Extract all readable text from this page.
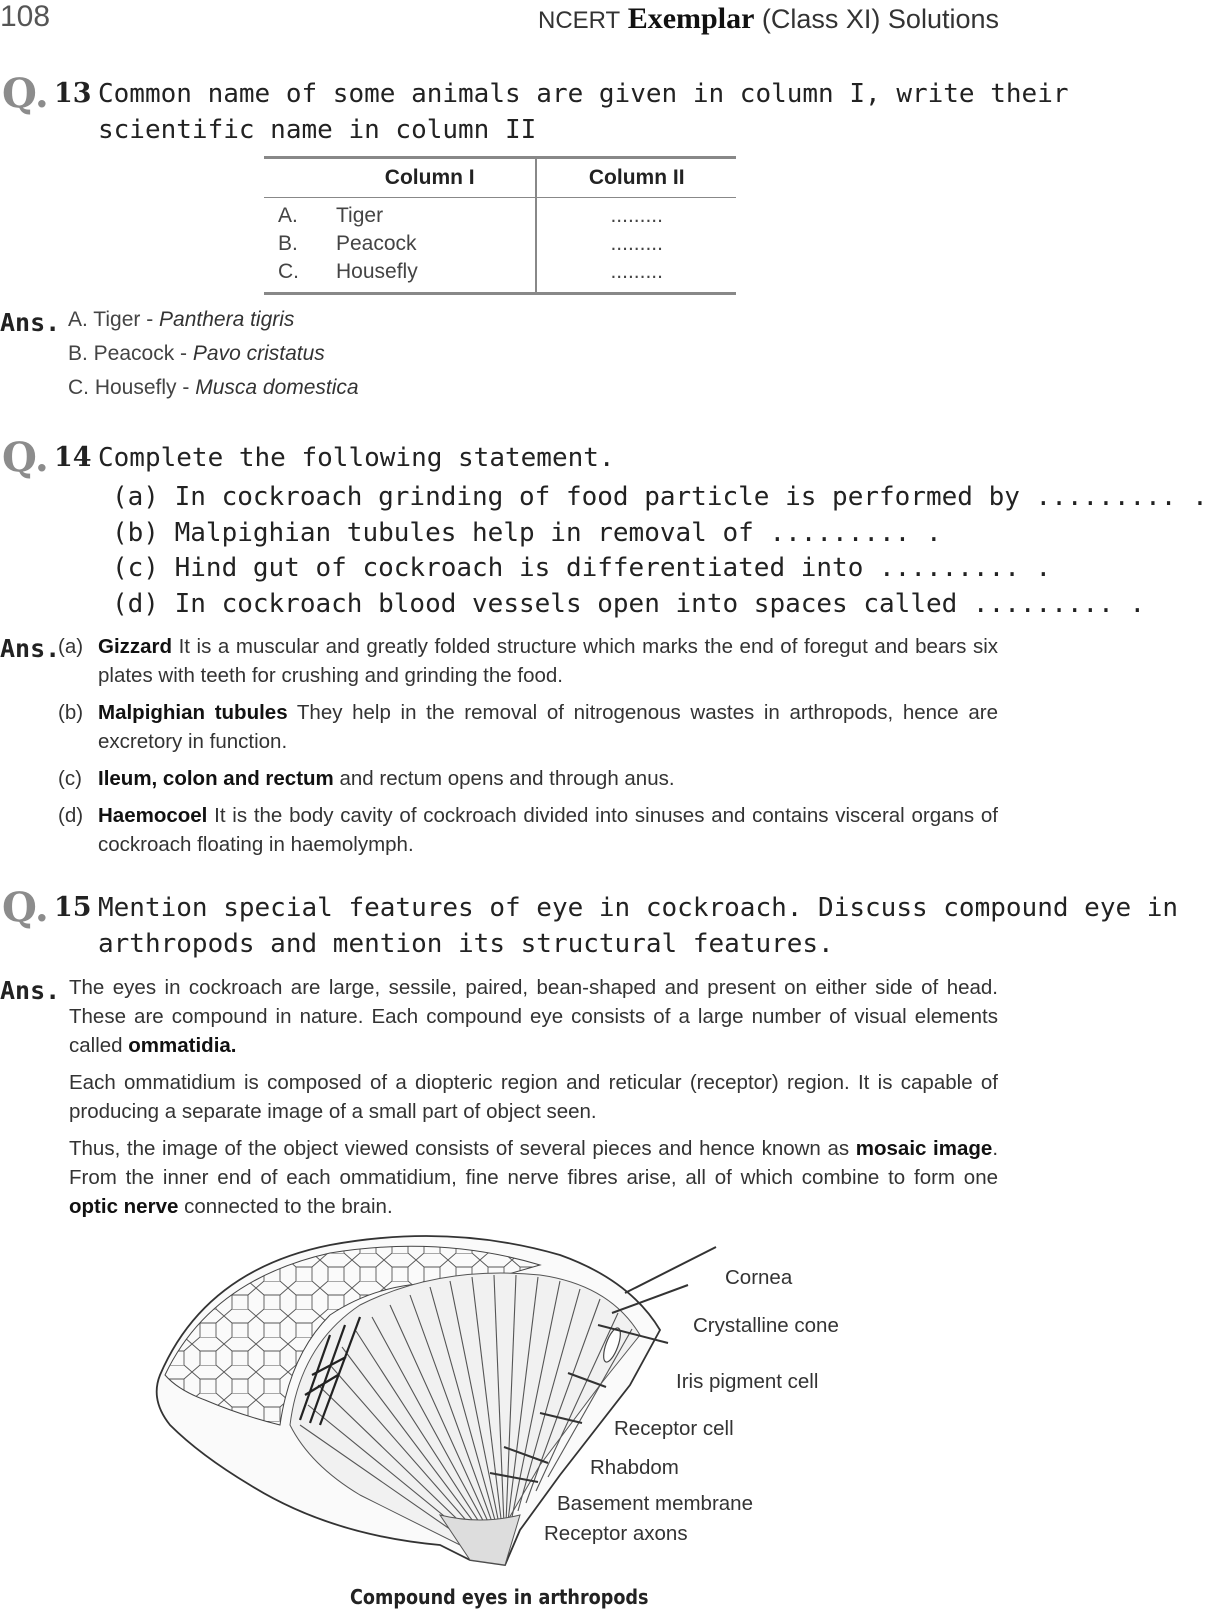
108	NCERT Exemplar (Class XI) Solutions
Q. 13 Common name of some animals are given in column I, write their
scientific name in column II
Column I	Column II
A. Tiger	.........
B. Peacock	.........
C. Housefly	.........
Ans. A. Tiger - Panthera tigris
B. Peacock - Pavo cristatus
C. Housefly - Musca domestica
Q. 14 Complete the following statement.
(a) In cockroach grinding of food particle is performed by ......... .
(b) Malpighian tubules help in removal of ......... .
(c) Hind gut of cockroach is differentiated into ......... .
(d) In cockroach blood vessels open into spaces called ......... .
Ans.
(a) Gizzard It is a muscular and greatly folded structure which marks the end of foregut and bears six plates with teeth for crushing and grinding the food.
(b) Malpighian tubules They help in the removal of nitrogenous wastes in arthropods, hence are excretory in function.
(c) Ileum, colon and rectum and rectum opens and through anus.
(d) Haemocoel It is the body cavity of cockroach divided into sinuses and contains visceral organs of cockroach floating in haemolymph.
Q. 15 Mention special features of eye in cockroach. Discuss compound eye in
arthropods and mention its structural features.
Ans. The eyes in cockroach are large, sessile, paired, bean-shaped and present on either side of head. These are compound in nature. Each compound eye consists of a large number of visual elements called ommatidia.

Each ommatidium is composed of a diopteric region and reticular (receptor) region. It is capable of producing a separate image of a small part of object seen.

Thus, the image of the object viewed consists of several pieces and hence known as mosaic image. From the inner end of each ommatidium, fine nerve fibres arise, all of which combine to form one optic nerve connected to the brain.

Cornea
Crystalline cone
Iris pigment cell
Receptor cell
Rhabdom
Basement membrane
Receptor axons
Compound eyes in arthropods
